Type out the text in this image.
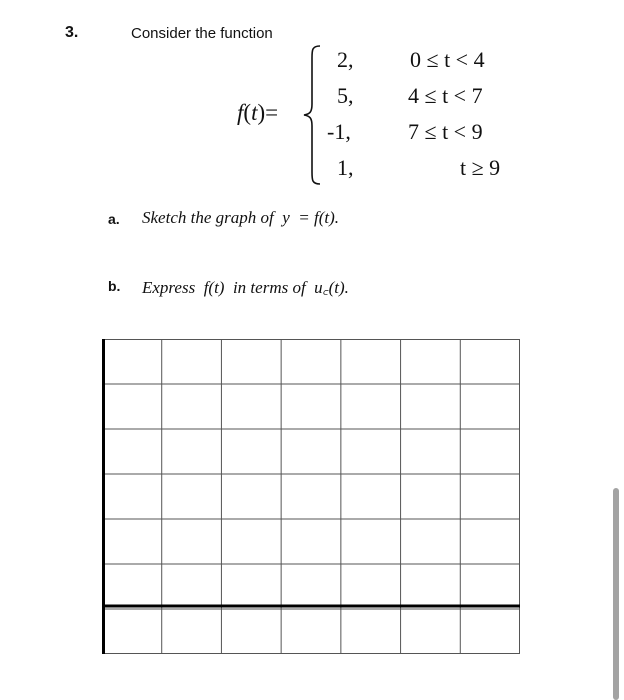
3.	Consider the function
f(t)=
2,
5,
-1,
1,
0 ≤ t < 4
4 ≤ t < 7
7 ≤ t < 9
t ≥ 9
a. Sketch the graph of  y  = f(t).
b. Express  f(t)  in terms of  u꜀(t).
